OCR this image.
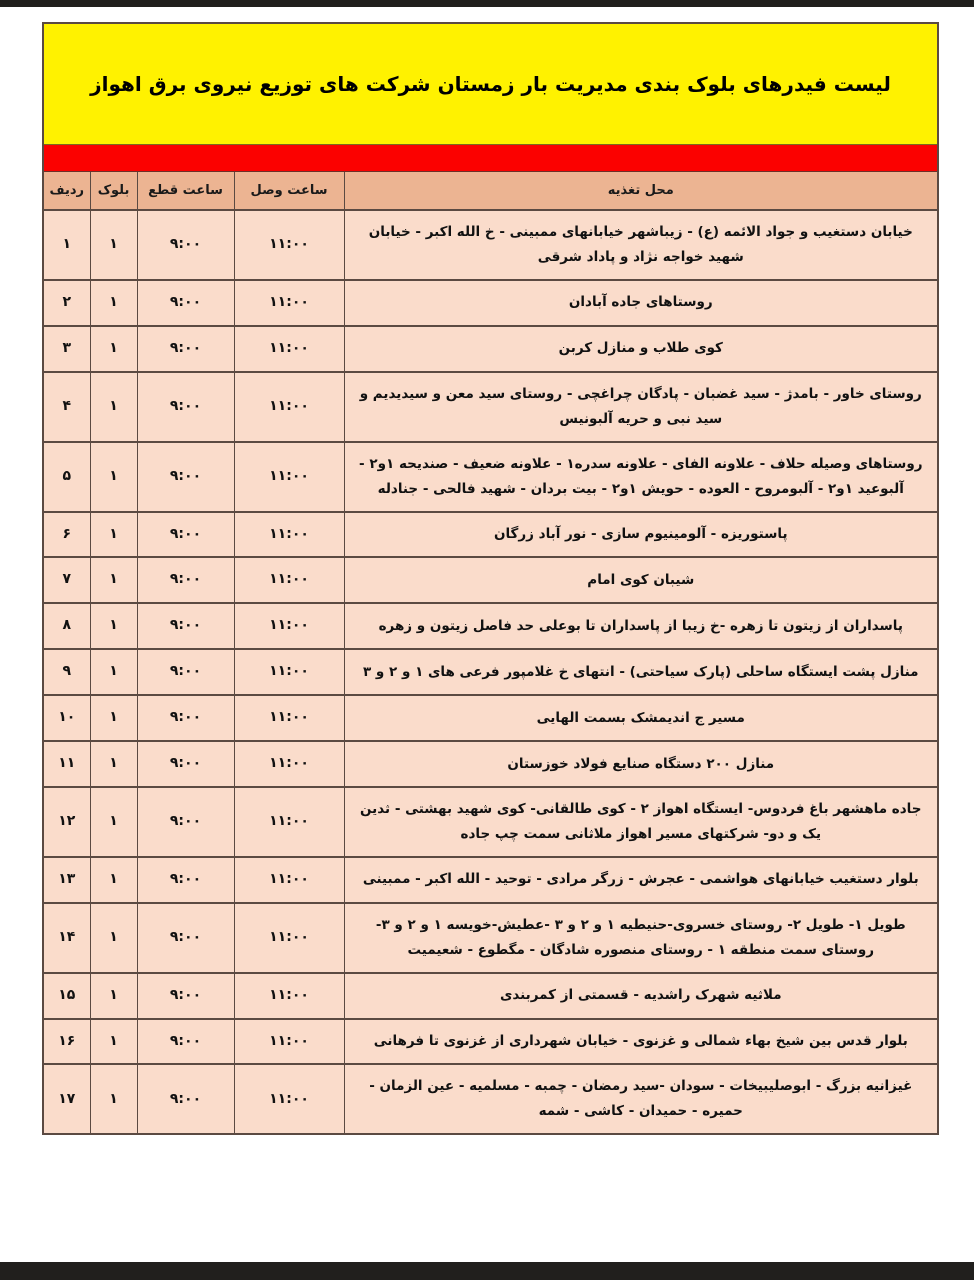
لیست فیدرهای بلوک بندی مدیریت بار زمستان شرکت های توزیع نیروی برق اهواز				

محل تغذیه	ساعت وصل	ساعت قطع	بلوک	ردیف
خیابان دستغیب و جواد الائمه (ع) - زیباشهر خیابانهای ممبینی - خ الله اکبر - خیابان شهید خواجه نژاد و پاداد شرقی	۱۱:۰۰	۹:۰۰	۱	۱
روستاهای جاده آبادان	۱۱:۰۰	۹:۰۰	۱	۲
کوی طلاب و منازل کربن	۱۱:۰۰	۹:۰۰	۱	۳
روستای خاور - بامدژ - سید غضبان - پادگان چراغچی - روستای سید معن و سیدیدیم و سید نبی و حریه آلبونیس	۱۱:۰۰	۹:۰۰	۱	۴
روستاهای وصیله حلاف - علاونه الفای - علاونه سدره۱ - علاونه ضعیف - صندیحه ۱و۲ - آلبوعید ۱و۲ - آلبومروح - العوده - حویش ۱و۲ - بیت بردان - شهید فالحی - جنادله	۱۱:۰۰	۹:۰۰	۱	۵
پاستوریزه - آلومینیوم سازی - نور آباد زرگان	۱۱:۰۰	۹:۰۰	۱	۶
شیبان کوی امام	۱۱:۰۰	۹:۰۰	۱	۷
پاسداران از زیتون تا زهره -خ زیبا از پاسداران تا بوعلی حد فاصل زیتون و زهره	۱۱:۰۰	۹:۰۰	۱	۸
منازل پشت ایستگاه ساحلی (پارک سیاحتی) - انتهای خ غلامپور فرعی های ۱ و ۲ و ۳	۱۱:۰۰	۹:۰۰	۱	۹
مسیر ج اندیمشک بسمت الهایی	۱۱:۰۰	۹:۰۰	۱	۱۰
منازل ۲۰۰ دستگاه صنایع فولاد خوزستان	۱۱:۰۰	۹:۰۰	۱	۱۱
جاده ماهشهر باغ فردوس- ایستگاه اهواز ۲ - کوی طالقانی- کوی شهید بهشتی - ثدین یک و دو- شرکتهای مسیر اهواز ملاثانی سمت چپ جاده	۱۱:۰۰	۹:۰۰	۱	۱۲
بلوار دستغیب خیابانهای هواشمی - عجرش - زرگر مرادی - توحید - الله اکبر - ممبینی	۱۱:۰۰	۹:۰۰	۱	۱۳
طویل ۱- طویل ۲- روستای خسروی-حنیطیه ۱ و ۲ و ۳ -عطیش-خویسه ۱ و ۲ و ۳- روستای سمت منطقه ۱ - روستای منصوره شادگان - مگطوع - شعیمیت	۱۱:۰۰	۹:۰۰	۱	۱۴
ملاثیه شهرک راشدیه - قسمتی از کمربندی	۱۱:۰۰	۹:۰۰	۱	۱۵
بلوار قدس بین شیخ بهاء شمالی و غزنوی - خیابان شهرداری از غزنوی تا فرهانی	۱۱:۰۰	۹:۰۰	۱	۱۶
غیزانیه بزرگ - ابوصلیبیخات - سودان -سید رمضان - چمبه - مسلمیه - عین الزمان - حمیره - حمیدان - کاشی - شمه	۱۱:۰۰	۹:۰۰	۱	۱۷
